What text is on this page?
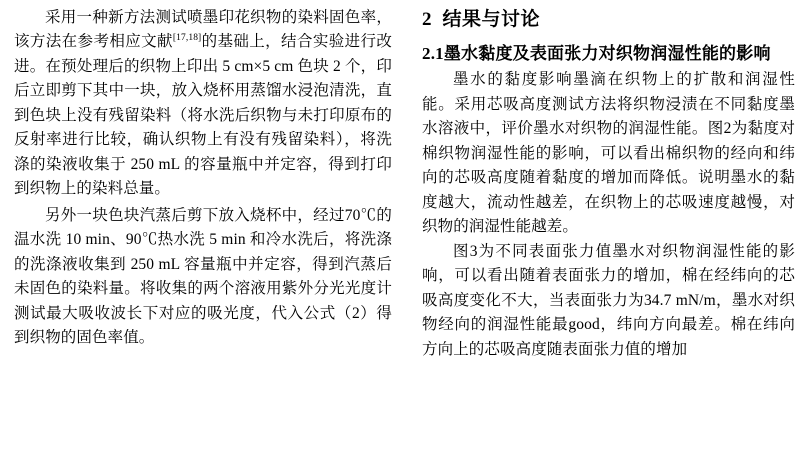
采用一种新方法测试喷墨印花织物的染料固色率，该方法在参考相应文献[17,18]的基础上，结合实验进行改进。在预处理后的织物上印出 5 cm×5 cm 色块 2 个，印后立即剪下其中一块，放入烧杯用蒸馏水浸泡清洗，直到色块上没有残留染料（将水洗后织物与未打印原布的反射率进行比较，确认织物上有没有残留染料），将洗涤的染液收集于 250 mL 的容量瓶中并定容，得到打印到织物上的染料总量。

另外一块色块汽蒸后剪下放入烧杯中，经过70℃的温水洗 10 min、90℃热水洗 5 min 和冷水洗后，将洗涤的洗涤液收集到 250 mL 容量瓶中并定容，得到汽蒸后未固色的染料量。将收集的两个溶液用紫外分光光度计测试最大吸收波长下对应的吸光度，代入公式（2）得到织物的固色率值。

2 结果与讨论
2.1墨水黏度及表面张力对织物润湿性能的影响

墨水的黏度影响墨滴在织物上的扩散和润湿性能。采用芯吸高度测试方法将织物浸渍在不同黏度墨水溶液中，评价墨水对织物的润湿性能。图2为黏度对棉织物润湿性能的影响，可以看出棉织物的经向和纬向的芯吸高度随着黏度的增加而降低。说明墨水的黏度越大，流动性越差，在织物上的芯吸速度越慢，对织物的润湿性能越差。

图3为不同表面张力值墨水对织物润湿性能的影响，可以看出随着表面张力的增加，棉在经纬向的芯吸高度变化不大，当表面张力为34.7 mN/m，墨水对织物经向的润湿性能最good，纬向方向最差。棉在纬向方向上的芯吸高度随表面张力值的增加
